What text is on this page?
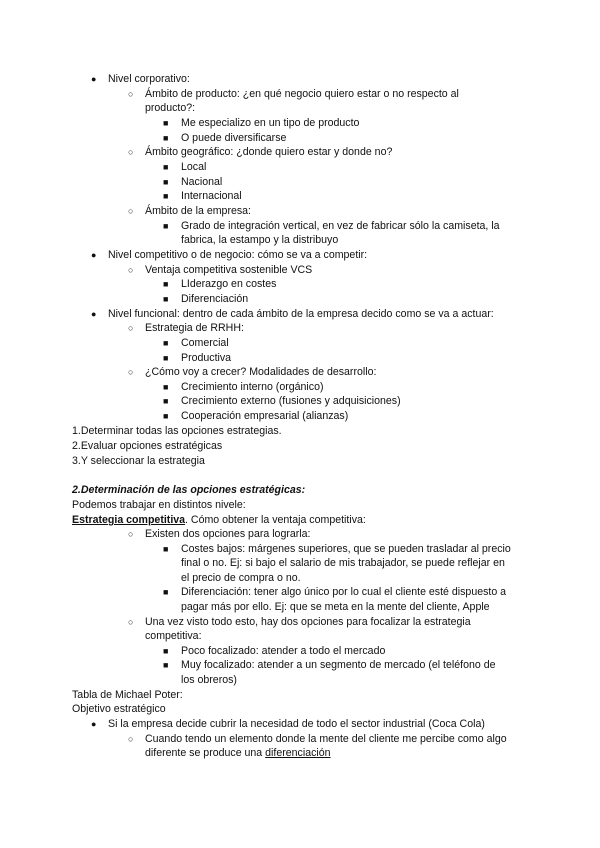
● Nivel corporativo:
○ Ámbito de producto: ¿en qué negocio quiero estar o no respecto al
producto?:
■ Me especializo en un tipo de producto
■ O puede diversificarse
○ Ámbito geográfico: ¿donde quiero estar y donde no?
■ Local
■ Nacional
■ Internacional
○ Ámbito de la empresa:
■ Grado de integración vertical, en vez de fabricar sólo la camiseta, la
fabrica, la estampo y la distribuyo
● Nivel competitivo o de negocio: cómo se va a competir:
○ Ventaja competitiva sostenible VCS
■ LIderazgo en costes
■ Diferenciación
● Nivel funcional: dentro de cada ámbito de la empresa decido como se va a actuar:
○ Estrategia de RRHH:
■ Comercial
■ Productiva
○ ¿Cómo voy a crecer? Modalidades de desarrollo:
■ Crecimiento interno (orgánico)
■ Crecimiento externo (fusiones y adquisiciones)
■ Cooperación empresarial (alianzas)
1.Determinar todas las opciones estrategias.
2.Evaluar opciones estratégicas
3.Y seleccionar la estrategia
2.Determinación de las opciones estratégicas:
Podemos trabajar en distintos nivele:
Estrategia competitiva. Cómo obtener la ventaja competitiva:
○ Existen dos opciones para lograrla:
■ Costes bajos: márgenes superiores, que se pueden trasladar al precio
final o no. Ej: si bajo el salario de mis trabajador, se puede reflejar en
el precio de compra o no.
■ Diferenciación: tener algo único por lo cual el cliente esté dispuesto a
pagar más por ello. Ej: que se meta en la mente del cliente, Apple
○ Una vez visto todo esto, hay dos opciones para focalizar la estrategia
competitiva:
■ Poco focalizado: atender a todo el mercado
■ Muy focalizado: atender a un segmento de mercado (el teléfono de
los obreros)
Tabla de Michael Poter:
Objetivo estratégico
● Si la empresa decide cubrir la necesidad de todo el sector industrial (Coca Cola)
○ Cuando tendo un elemento donde la mente del cliente me percibe como algo
diferente se produce una diferenciación
